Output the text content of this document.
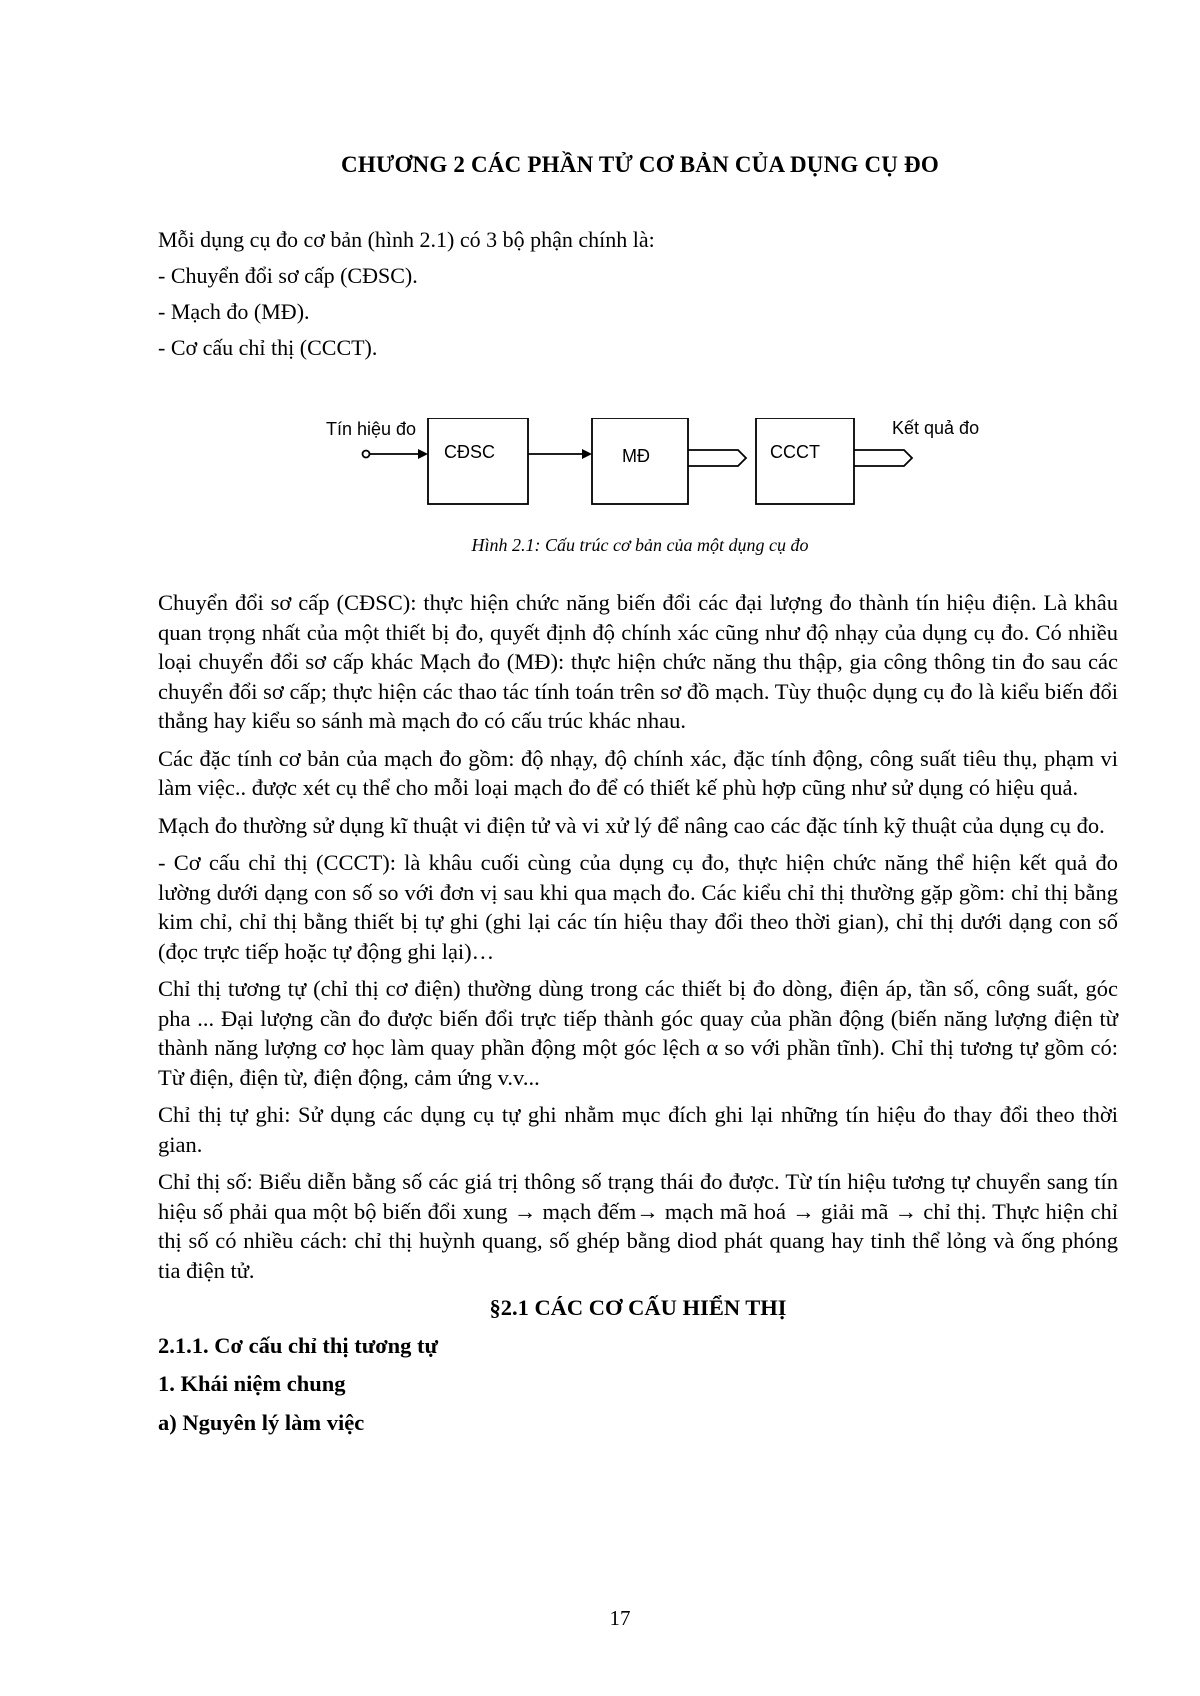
CHƯƠNG 2 CÁC PHẦN TỬ CƠ BẢN CỦA DỤNG CỤ ĐO
Mỗi dụng cụ đo cơ bản (hình 2.1) có 3 bộ phận chính là:
- Chuyển đổi sơ cấp (CĐSC).
- Mạch đo (MĐ).
- Cơ cấu chỉ thị (CCCT).
Tín hiệu đo
CĐSC	MĐ	CCCT
Kết quả đo

Hình 2.1: Cấu trúc cơ bản của một dụng cụ đo

Chuyển đổi sơ cấp (CĐSC): thực hiện chức năng biến đổi các đại lượng đo thành tín hiệu điện. Là khâu quan trọng nhất của một thiết bị đo, quyết định độ chính xác cũng như độ nhạy của dụng cụ đo. Có nhiều loại chuyển đổi sơ cấp khác Mạch đo (MĐ): thực hiện chức năng thu thập, gia công thông tin đo sau các chuyển đổi sơ cấp; thực hiện các thao tác tính toán trên sơ đồ mạch. Tùy thuộc dụng cụ đo là kiểu biến đổi thẳng hay kiểu so sánh mà mạch đo có cấu trúc khác nhau.

Các đặc tính cơ bản của mạch đo gồm: độ nhạy, độ chính xác, đặc tính động, công suất tiêu thụ, phạm vi làm việc.. được xét cụ thể cho mỗi loại mạch đo để có thiết kế phù hợp cũng như sử dụng có hiệu quả.

Mạch đo thường sử dụng kĩ thuật vi điện tử và vi xử lý để nâng cao các đặc tính kỹ thuật của dụng cụ đo.

- Cơ cấu chỉ thị (CCCT): là khâu cuối cùng của dụng cụ đo, thực hiện chức năng thể hiện kết quả đo lường dưới dạng con số so với đơn vị sau khi qua mạch đo. Các kiểu chỉ thị thường gặp gồm: chỉ thị bằng kim chỉ, chỉ thị bằng thiết bị tự ghi (ghi lại các tín hiệu thay đổi theo thời gian), chỉ thị dưới dạng con số (đọc trực tiếp hoặc tự động ghi lại)…

Chỉ thị tương tự (chỉ thị cơ điện) thường dùng trong các thiết bị đo dòng, điện áp, tần số, công suất, góc pha ... Đại lượng cần đo được biến đổi trực tiếp thành góc quay của phần động (biến năng lượng điện từ thành năng lượng cơ học làm quay phần động một góc lệch α so với phần tĩnh). Chỉ thị tương tự gồm có: Từ điện, điện từ, điện động, cảm ứng v.v...

Chỉ thị tự ghi: Sử dụng các dụng cụ tự ghi nhằm mục đích ghi lại những tín hiệu đo thay đổi theo thời gian.

Chỉ thị số: Biểu diễn bằng số các giá trị thông số trạng thái đo được. Từ tín hiệu tương tự chuyển sang tín hiệu số phải qua một bộ biến đổi xung → mạch đếm→ mạch mã hoá → giải mã → chỉ thị. Thực hiện chỉ thị số có nhiều cách: chỉ thị huỳnh quang, số ghép bằng diod phát quang hay tinh thể lỏng và ống phóng tia điện tử.

§2.1 CÁC CƠ CẤU HIỂN THỊ
2.1.1. Cơ cấu chỉ thị tương tự
1. Khái niệm chung
a) Nguyên lý làm việc
17
